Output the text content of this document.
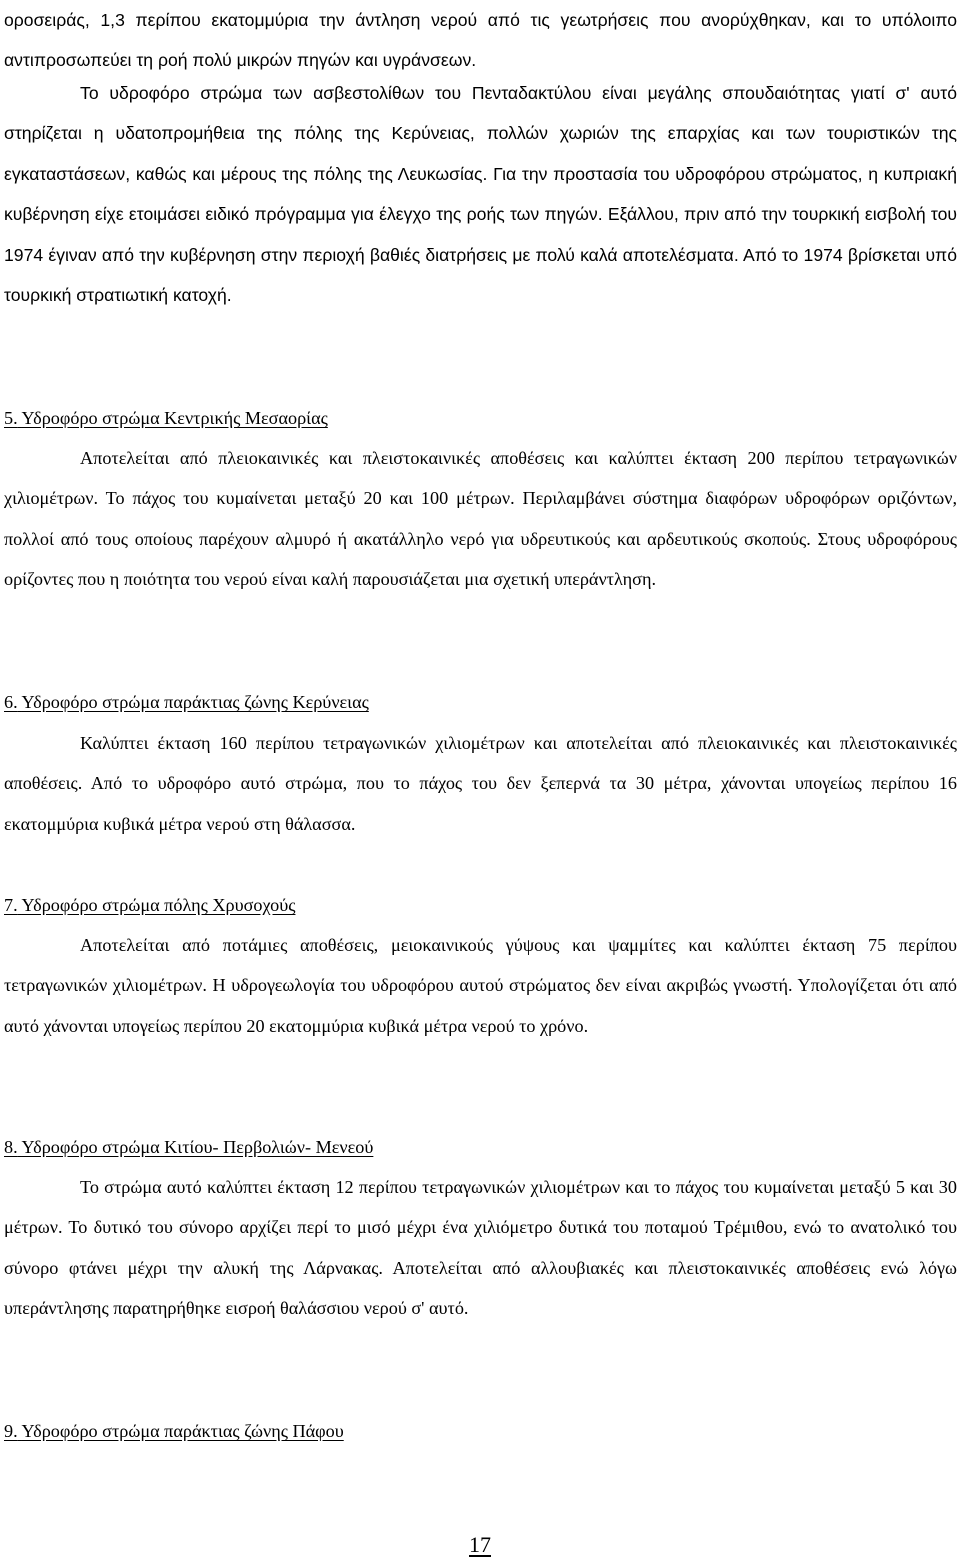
οροσειράς, 1,3 περίπου εκατομμύρια την άντληση νερού από τις γεωτρήσεις που ανορύχθηκαν, και το υπόλοιπο αντιπροσωπεύει τη ροή πολύ μικρών πηγών και υγράνσεων.

Το υδροφόρο στρώμα των ασβεστολίθων του Πενταδακτύλου είναι μεγάλης σπουδαιότητας γιατί σ' αυτό στηρίζεται η υδατοπρομήθεια της πόλης της Κερύνειας, πολλών χωριών της επαρχίας και των τουριστικών της εγκαταστάσεων, καθώς και μέρους της πόλης της Λευκωσίας. Για την προστασία του υδροφόρου στρώματος, η κυπριακή κυβέρνηση είχε ετοιμάσει ειδικό πρόγραμμα για έλεγχο της ροής των πηγών. Εξάλλου, πριν από την τουρκική εισβολή του 1974 έγιναν από την κυβέρνηση στην περιοχή βαθιές διατρήσεις με πολύ καλά αποτελέσματα. Από το 1974 βρίσκεται υπό τουρκική στρατιωτική κατοχή.

5. Υδροφόρο στρώμα Κεντρικής Μεσαορίας

Αποτελείται από πλειοκαινικές και πλειστοκαινικές αποθέσεις και καλύπτει έκταση 200 περίπου τετραγωνικών χιλιομέτρων. Το πάχος του κυμαίνεται μεταξύ 20 και 100 μέτρων. Περιλαμβάνει σύστημα διαφόρων υδροφόρων οριζόντων, πολλοί από τους οποίους παρέχουν αλμυρό ή ακατάλληλο νερό για υδρευτικούς και αρδευτικούς σκοπούς. Στους υδροφόρους ορίζοντες που η ποιότητα του νερού είναι καλή παρουσιάζεται μια σχετική υπεράντληση.

6. Υδροφόρο στρώμα παράκτιας ζώνης Κερύνειας

Καλύπτει έκταση 160 περίπου τετραγωνικών χιλιομέτρων και αποτελείται από πλειοκαινικές και πλειστοκαινικές αποθέσεις. Από το υδροφόρο αυτό στρώμα, που το πάχος του δεν ξεπερνά τα 30 μέτρα, χάνονται υπογείως περίπου 16 εκατομμύρια κυβικά μέτρα νερού στη θάλασσα.

7. Υδροφόρο στρώμα πόλης Χρυσοχούς

Αποτελείται από ποτάμιες αποθέσεις, μειοκαινικούς γύψους και ψαμμίτες και καλύπτει έκταση 75 περίπου τετραγωνικών χιλιομέτρων. Η υδρογεωλογία του υδροφόρου αυτού στρώματος δεν είναι ακριβώς γνωστή. Υπολογίζεται ότι από αυτό χάνονται υπογείως περίπου 20 εκατομμύρια κυβικά μέτρα νερού το χρόνο.

8. Υδροφόρο στρώμα Κιτίου- Περβολιών- Μενεού

Το στρώμα αυτό καλύπτει έκταση 12 περίπου τετραγωνικών χιλιομέτρων και το πάχος του κυμαίνεται μεταξύ 5 και 30 μέτρων. Το δυτικό του σύνορο αρχίζει περί το μισό μέχρι ένα χιλιόμετρο δυτικά του ποταμού Τρέμιθου, ενώ το ανατολικό του σύνορο φτάνει μέχρι την αλυκή της Λάρνακας. Αποτελείται από αλλουβιακές και πλειστοκαινικές αποθέσεις ενώ λόγω υπεράντλησης παρατηρήθηκε εισροή θαλάσσιου νερού σ' αυτό.

9. Υδροφόρο στρώμα παράκτιας ζώνης Πάφου
17
